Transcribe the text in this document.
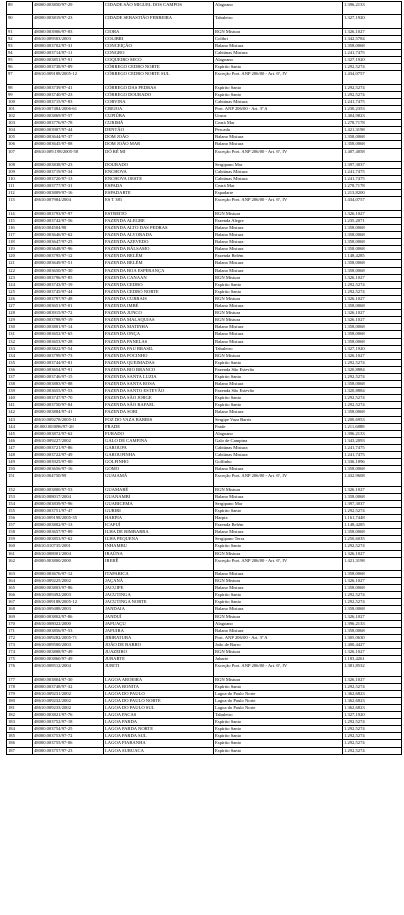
89	48000.003850/97-29	CIDADE SÃO MIGUEL DOS CAMPOS	Alagoano	1.396,2133
90	48000.003819/97-23	CIDADE SEBASTIÃO FERREIRA	Tabuleiro	1.327,1920
91	48000.003906/97-83	CIOBA	RGN Mistura	1.326,1027
92	48610.009503/2003	COLIBRI	Colibri	1.342,5784
93	48000.003702/97-31	CONCEIÇÃO	Balano Mistura	1.358,0068
94	48000.003714/97-11	CONGRO	Cabiúnas Mistura	1.241,7475
95	48000.003851/97-91	COQUEIRO SECO	Alagoano	1.327,1920
96	48000.003738/97-89	CÓRREGO CEDRO NORTE	Espírito Santo	1.292,5274
97	48610.009188/2005-12	CÓRREGO CEDRO NORTE SUL	Exceção Port. ANP 206/00 - Art. 6º, IV	1.434,0757
98	48000.003739/97-41	CÓRREGO DAS PEDRAS	Espírito Santo	1.292,5274
99	48000.003740/97-23	CÓRREGO DOURADO	Espírito Santo	1.292,5274
100	48000.003715/97-83	CORVINA	Cabiúnas Mistura	1.241,7475
101	48610.007484/2006-61	CREJOA	Port. ANP 206/00 - Art. 3º A	1.230,2353
102	48000.003869/97-57	CUPIÚBA	Urucu	1.404,9823
103	48000.003776/97-78	CURIMÃ	Ceará Mar	1.278,7178
104	48000.003907/97-44	DENTÃO	Pescada	1.421,3198
105	48000.003644/97-37	DOM JOÃO	Balano Mistura	1.358,0068
106	48000.003645/97-08	DOM JOÃO MAR	Balano Mistura	1.358,0068
107	48610.009.198/2005-58	DÓ RÉ MI	Exceção Port. ANP 206/00 - Art. 6º, IV	1.407,4058
108	48000.003838/97-23	DOURADO	Sergipano Mar	1.397,3037
109	48000.003719/97-34	ENCHOVA	Cabiúnas Mistura	1.241,7475
110	48000.003720/97-13	ENCHOVA OESTE	Cabiúnas Mistura	1.241,7475
111	48000.003777/97-31	ESPADA	Ceará Mar	1.278,7178
112	48000.003809/97-16	ESPADARTE	Espadarte	1.213,8200
113	48610.007984/2004	ES T 381	Exceção Port. ANP 206/00 - Art. 6º, IV	1.434,0757
114	48000.003793/97-97	ESTREITO	RGN Mistura	1.326,1027
115	48000.003742/97-56	FAZENDA ALEGRE	Fazenda Alegre	1.235,2071
116	48610.004504/98	FAZENDA ALTO DAS PEDRAS	Balano Mistura	1.358,0068
117	48000.003646/97-62	FAZENDA ALVORADA	Balano Mistura	1.358,0068
118	48000.003647/97-25	FAZENDA AZEVEDO	Balano Mistura	1.358,0068
119	48000.003648/97-96	FAZENDA BÁLSAMO	Balano Mistura	1.358,0068
120	48000.003795/97-12	FAZENDA BELÉM	Fazenda Belém	1.148,4285
121	48000.003649/97-51	FAZENDA BELÉM	Balano Mistura	1.358,0068
122	48000.003650/97-30	FAZENDA BOA ESPERANÇA	Balano Mistura	1.358,0068
123	48000.003796/97-85	FAZENDA CANAAN	RGN Mistura	1.326,1027
124	48000.003743/97-19	FAZENDA CEDRO	Espírito Santo	1.292,5274
125	48000.003745/97-44	FAZENDA CEDRO NORTE	Espírito Santo	1.292,5274
126	48000.003797/97-48	FAZENDA CURRAIS	RGN Mistura	1.326,1027
127	48000.003651/97-01	FAZENDA IMBÉ	Balano Mistura	1.358,0068
128	48000.003915/97-72	FAZENDA JUNCO	RGN Mistura	1.326,1027
129	48000.003798/97-19	FAZENDA MALAQUIAS	RGN Mistura	1.326,1027
130	48000.003801/97-14	FAZENDA MATINHA	Balano Mistura	1.358,0068
131	48000.003652/97-65	FAZENDA ONÇA	Balano Mistura	1.358,0068
132	48000.003653/97-28	FAZENDA PANELAS	Balano Mistura	1.358,0068
133	48000.003822/97-54	FAZENDA PAU BRASIL	Tabuleiro	1.327,1920
134	48000.003799/97-73	FAZENDA POCINHO	RGN Mistura	1.326,1027
135	48000.003744/97-81	FAZENDA QUEIMADAS	Espírito Santo	1.292,5274
136	48000.003654/97-91	FAZENDA RIO BRANCO	Fazenda São Estevão	1.320,8884
137	48000.003746/97-15	FAZENDA SANTA LUZIA	Espírito Santo	1.292,5274
138	48000.003883/97-88	FAZENDA SANTA ROSA	Balano Mistura	1.358,0068
139	48000.003655/97-53	FAZENDA SANTO ESTEVÃO	Fazenda São Estevão	1.320,8884
140	48000.003747/97-70	FAZENDA SÃO JORGE	Espírito Santo	1.292,5274
141	48000.003750/97-84	FAZENDA SÃO RAFAEL	Espírito Santo	1.292,5274
142	48000.003884/97-41	FAZENDA SORI	Balano Mistura	1.358,0068
143	48610.009278/2005-11	FOZ DO VAZA BARRIS	Sergipe Vaza Barris	1.200,6953
144	48.000.003896/97-20	FRADE	Frade	1.211,6888
145	48000.003872/97-62	FURADO	Alagoano	1.396,2133
146	48610.009227/2002	GALO DE CAMPINA	Galo de Campina	1.343,2093
147	48000.003721/97-86	GAROUPA	Cabiúnas Mistura	1.241,7475
148	48000.003722/97-49	GAROUPINHA	Cabiúnas Mistura	1.241,7475
149	48000.003925/97-00	GOLFINHO	Golfinho	1.336,1896
150	48000.003656/97-16	GOMO	Balano Mistura	1.358,0068
151	48610.004750/99	GUAIAMÁ	Exceção Port. ANP 206/00 - Art. 6º, IV	1.432,9608
152	48000.003800/97-53	GUAMARÉ	RGN Mistura	1.326,1027
153	48610.008017/2004	GUANAMBI	Balano Mistura	1.358,0068
154	48000.003839/97-96	GUARICEMA	Sergipano Mar	1.397,3037
155	48000.003751/97-47	GURIRI	Espírito Santo	1.292,5274
156	48610.009198/2005-35	HARPIA	Harpia	1.161,7448
157	48000.003802/97-13	ICAPUÍ	Fazenda Belém	1.148,4285
158	48000.003657/97-89	ILHA DE BIMBARRA	Balano Mistura	1.358,0068
159	48000.003853/97-62	ILHA PEQUENA	Sergipano Terra	1.250,6035
160	48610.010735/2001	INHAMBU	Espírito Santo	1.292,5274
161	48610.008001/2004	IRAÚNA	RGN Mistura	1.326,1027
162	48000.003800/2000	IRERÊ	Exceção Port. ANP 206/00 - Art. 6º, IV	1.421,3198
163	48000.003676/97-12	ITAPARICA	Balano Mistura	1.358,0068
164	48610.009225/2002	JAÇANÃ	RGN Mistura	1.326,1027
165	48000.003803/97-86	JACUIPE	Balano Mistura	1.358,0068
166	48610.009492/2003	JACUTINGA	Espírito Santo	1.292,5274
167	48610.009188/2005-12	JACUTINGA NORTE	Espírito Santo	1.292,5274
168	48610.009488/2003	JANDAIA	Balano Mistura	1.358,0068
169	48000.003802/97-86	JANDUÍ	RGN Mistura	1.326,1027
170	48610.008022/2000	JAPUAÇU	Alagoano	1.396,2133
171	48000.003856/97-53	JAPUIRA	Balano Mistura	1.358,0068
172	48610.009282/2005-71	JIRIBATUBA	Port. ANP 206/00 - Art. 3º A	1.305,0630
173	48610.009500/2003	JOÃO DE BARRO	João de Barro	1.400,4427
174	48000.003808/97-49	JUAZEIRO	RGN Mistura	1.326,1027
175	48000.003860/97-49	JUBARTE	Jubarte	1.183,4261
176	48610.008512/2004	JURITI	Exceção Port. ANP 206/00 - Art. 6º, IV	1.381,8532
177	48000.003804/97-30	LAGOA AROEIRA	RGN Mistura	1.326,1027
178	48000.003748/97-32	LAGOA BONITA	Espírito Santo	1.292,5274
179	48610.009231/2002	LAGOA DO PAULO	Lagoa do Paulo Norte	1.362,6823
180	48610.009232/2002	LAGOA DO PAULO NORTE	Lagoa do Paulo Norte	1.362,6823
181	48610.009233/2002	LAGOA DO PAULO SUL	Lagoa do Paulo Norte	1.362,6823
182	48000.003821/97-76	LAGOA PACAS	Tabuleiro	1.327,1920
183	48000.003752/97-18	LAGOA PARDA	Espírito Santo	1.292,5274
184	48000.003754/97-25	LAGOA PARDA NORTE	Espírito Santo	1.292,5274
185	48000.003753/97-72	LAGOA PARDA SUL	Espírito Santo	1.292,5274
186	48000.003755/97-06	LAGOA PIABANHA	Espírito Santo	1.292,5274
187	48000.003757/97-23	LAGOA SURUACA	Espírito Santo	1.292,5274
